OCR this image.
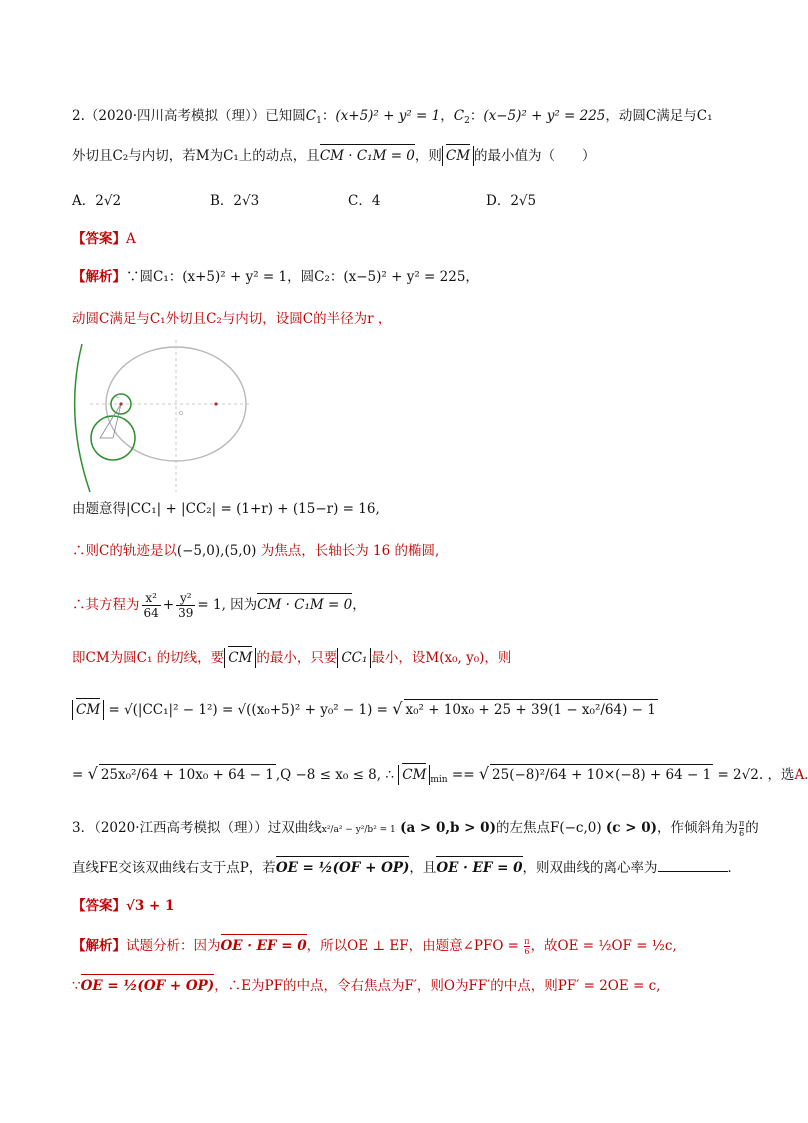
2.（2020·四川高考模拟（理））已知圆$C_1$：(x+5)² + y² = 1，$C_2$：(x−5)² + y² = 225，动圆C满足与C₁
外切且C₂与内切，若M为C₁上的动点，且CM · C₁M = 0，则 CM 的最小值为（　　）
A．2√2	B．2√3	C．4	D．2√5
【答案】A
【解析】∵圆C₁：(x+5)² + y² = 1，圆C₂：(x−5)² + y² = 225，
动圆C满足与C₁外切且C₂与内切，设圆C的半径为r ，
O
C
由题意得|CC₁| + |CC₂| = (1+r) + (15−r) = 16,
∴则C的轨迹是以(−5,0),(5,0) 为焦点，长轴长为 16 的椭圆,
∴其方程为 $\frac{\text{x²}}{64} + \frac{\text{y²}}{39} = 1$, 因为CM · C₁M = 0，
即CM为圆C₁ 的切线，要 CM 的最小，只要 CC₁ 最小，设M(x₀, y₀)，则
CM = √(|CC₁|² − 1²) = √((x₀+5)² + y₀² − 1) = √ x₀² + 10x₀ + 25 + 39(1 − x₀²/64) − 1
= √ 25x₀²/64 + 10x₀ + 64 − 1 ,Q −8 ≤ x₀ ≤ 8, ∴ CM $_{min}$ == √ 25(−8)²/64 + 10×(−8) + 64 − 1 = 2√2. ，选A.
3．（2020·江西高考模拟（理））过双曲线x²/a² − y²/b² = 1 (a > 0,b > 0)的左焦点F(−c,0) (c > 0)，作倾斜角为 $\frac{\pi}{6}$的
直线FE交该双曲线右支于点P，若OE = ½(OF + OP)，且OE · EF = 0，则双曲线的离心率为	．
【答案】√3 + 1
【解析】试题分析：因为OE · EF = 0，所以OE ⊥ EF，由题意∠PFO = $\frac{\pi}{6}$，故OE = ½OF = ½c,
∵OE = ½(OF + OP)，∴E为PF的中点，令右焦点为F′，则O为FF′的中点，则PF′ = 2OE = c,
